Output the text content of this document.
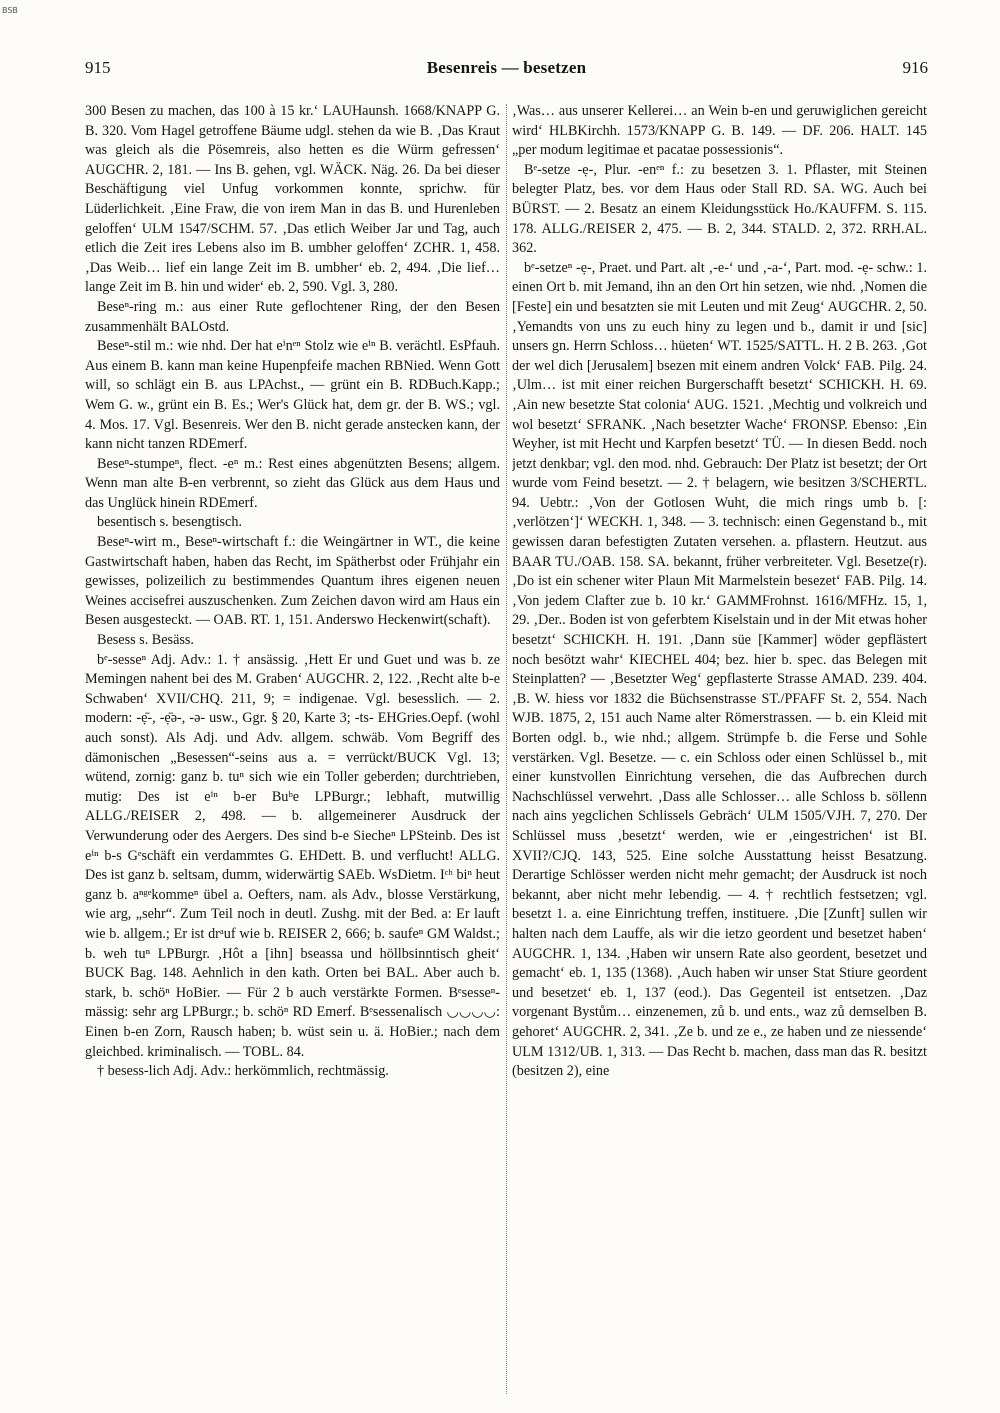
BSB
915	Besenreis — besetzen	916

300 Besen zu machen, das 100 à 15 kr.‘ LAUHaunsh. 1668/KNAPP G. B. 320. Vom Hagel getroffene Bäume udgl. stehen da wie B. ‚Das Kraut was gleich als die Pösemreis, also hetten es die Würm gefressen‘ AUGCHR. 2, 181. — Ins B. gehen, vgl. WÄCK. Näg. 26. Da bei dieser Beschäftigung viel Unfug vorkommen konnte, sprichw. für Lüderlichkeit. ‚Eine Fraw, die von irem Man in das B. und Hurenleben geloffen‘ ULM 1547/SCHM. 57. ‚Das etlich Weiber Jar und Tag, auch etlich die Zeit ires Lebens also im B. umbher geloffen‘ ZCHR. 1, 458. ‚Das Weib… lief ein lange Zeit im B. umbher‘ eb. 2, 494. ‚Die lief… lange Zeit im B. hin und wider‘ eb. 2, 590. Vgl. 3, 280.

Beseⁿ-ring m.: aus einer Rute geflochtener Ring, der den Besen zusammenhält BALOstd.

Beseⁿ-stil m.: wie nhd. Der hat eⁱnᵉⁿ Stolz wie eⁱⁿ B. verächtl. EsPfauh. Aus einem B. kann man keine Hupenpfeife machen RBNied. Wenn Gott will, so schlägt ein B. aus LPAchst., — grünt ein B. RDBuch.Kapp.; Wem G. w., grünt ein B. Es.; Wer's Glück hat, dem gr. der B. WS.; vgl. 4. Mos. 17. Vgl. Besenreis. Wer den B. nicht gerade anstecken kann, der kann nicht tanzen RDEmerf.

Beseⁿ-stumpeⁿ, flect. -eⁿ m.: Rest eines abgenützten Besens; allgem. Wenn man alte B-en verbrennt, so zieht das Glück aus dem Haus und das Unglück hinein RDEmerf.

besentisch s. besengtisch.

Beseⁿ-wirt m., Beseⁿ-wirtschaft f.: die Weingärtner in WT., die keine Gastwirtschaft haben, haben das Recht, im Spätherbst oder Frühjahr ein gewisses, polizeilich zu bestimmendes Quantum ihres eigenen neuen Weines accisefrei auszuschenken. Zum Zeichen davon wird am Haus ein Besen ausgesteckt. — OAB. RT. 1, 151. Anderswo Heckenwirt(schaft).

Besess s. Besäss.

bᵉ-sesseⁿ Adj. Adv.: 1. † ansässig. ‚Hett Er und Guet und was b. ze Memingen nahent bei des M. Graben‘ AUGCHR. 2, 122. ‚Recht alte b-e Schwaben‘ XVII/CHQ. 211, 9; = indigenae. Vgl. besesslich. — 2. modern: -ẹ̄-, -ẹ̄ə-, -ə- usw., Ggr. § 20, Karte 3; -ts- EHGries.Oepf. (wohl auch sonst). Als Adj. und Adv. allgem. schwäb. Vom Begriff des dämonischen „Besessen“-seins aus a. = verrückt/BUCK Vgl. 13; wütend, zornig: ganz b. tuⁿ sich wie ein Toller geberden; durchtrieben, mutig: Des ist eⁱⁿ b-er Buᵇe LPBurgr.; lebhaft, mutwillig ALLG./REISER 2, 498. — b. allgemeinerer Ausdruck der Verwunderung oder des Aergers. Des sind b-e Siecheⁿ LPSteinb. Des ist eⁱⁿ b-s Gᵉschäft ein verdammtes G. EHDett. B. und verflucht! ALLG. Des ist ganz b. seltsam, dumm, widerwärtig SAEb. WsDietm. Iᶜʰ biⁿ heut ganz b. aⁿᵍᵉkommeⁿ übel a. Oefters, nam. als Adv., blosse Verstärkung, wie arg, „sehr“. Zum Teil noch in deutl. Zushg. mit der Bed. a: Er lauft wie b. allgem.; Er ist drᵃuf wie b. REISER 2, 666; b. saufeⁿ GM Waldst.; b. weh tuⁿ LPBurgr. ‚Hôt a [ihn] bseassa und höllbsinntisch gheit‘ BUCK Bag. 148. Aehnlich in den kath. Orten bei BAL. Aber auch b. stark, b. schöⁿ HoBier. — Für 2 b auch verstärkte Formen. Bᵉsesseⁿ-mässig: sehr arg LPBurgr.; b. schöⁿ RD Emerf. Bᵉsessenalisch ◡◡◡◡: Einen b-en Zorn, Rausch haben; b. wüst sein u. ä. HoBier.; nach dem gleichbed. kriminalisch. — TOBL. 84.

† besess-lich Adj. Adv.: herkömmlich, rechtmässig.

‚Was… aus unserer Kellerei… an Wein b-en und geruwiglichen gereicht wird‘ HLBKirchh. 1573/KNAPP G. B. 149. — DF. 206. HALT. 145 „per modum legitimae et pacatae possessionis“.

Bᵉ-setze -ẹ-, Plur. -enᵉⁿ f.: zu besetzen 3. 1. Pflaster, mit Steinen belegter Platz, bes. vor dem Haus oder Stall RD. SA. WG. Auch bei BÜRST. — 2. Besatz an einem Kleidungsstück Ho./KAUFFM. S. 115. 178. ALLG./REISER 2, 475. — B. 2, 344. STALD. 2, 372. RRH.AL. 362.

bᵉ-setzeⁿ -ẹ-, Praet. und Part. alt ‚-e-‘ und ‚-a-‘, Part. mod. -ẹ- schw.: 1. einen Ort b. mit Jemand, ihn an den Ort hin setzen, wie nhd. ‚Nomen die [Feste] ein und besatzten sie mit Leuten und mit Zeug‘ AUGCHR. 2, 50. ‚Yemandts von uns zu euch hiny zu legen und b., damit ir und [sic] unsers gn. Herrn Schloss… hüeten‘ WT. 1525/SATTL. H. 2 B. 263. ‚Got der wel dich [Jerusalem] bsezen mit einem andren Volck‘ FAB. Pilg. 24. ‚Ulm… ist mit einer reichen Burgerschafft besetzt‘ SCHICKH. H. 69. ‚Ain new besetzte Stat colonia‘ AUG. 1521. ‚Mechtig und volkreich und wol besetzt‘ SFRANK. ‚Nach besetzter Wache‘ FRONSP. Ebenso: ‚Ein Weyher, ist mit Hecht und Karpfen besetzt‘ TÜ. — In diesen Bedd. noch jetzt denkbar; vgl. den mod. nhd. Gebrauch: Der Platz ist besetzt; der Ort wurde vom Feind besetzt. — 2. † belagern, wie besitzen 3/SCHERTL. 94. Uebtr.: ‚Von der Gotlosen Wuht, die mich rings umb b. [: ‚verlötzen‘]‘ WECKH. 1, 348. — 3. technisch: einen Gegenstand b., mit gewissen daran befestigten Zutaten versehen. a. pflastern. Heutzut. aus BAAR TU./OAB. 158. SA. bekannt, früher verbreiteter. Vgl. Besetze(r). ‚Do ist ein schener witer Plaun Mit Marmelstein besezet‘ FAB. Pilg. 14. ‚Von jedem Clafter zue b. 10 kr.‘ GAMMFrohnst. 1616/MFHz. 15, 1, 29. ‚Der.. Boden ist von geferbtem Kiselstain und in der Mit etwas hoher besetzt‘ SCHICKH. H. 191. ‚Dann süe [Kammer] wöder gepflästert noch besötzt wahr‘ KIECHEL 404; bez. hier b. spec. das Belegen mit Steinplatten? — ‚Besetzter Weg‘ gepflasterte Strasse AMAD. 239. 404. ‚B. W. hiess vor 1832 die Büchsenstrasse ST./PFAFF St. 2, 554. Nach WJB. 1875, 2, 151 auch Name alter Römerstrassen. — b. ein Kleid mit Borten odgl. b., wie nhd.; allgem. Strümpfe b. die Ferse und Sohle verstärken. Vgl. Besetze. — c. ein Schloss oder einen Schlüssel b., mit einer kunstvollen Einrichtung versehen, die das Aufbrechen durch Nachschlüssel verwehrt. ‚Dass alle Schlosser… alle Schloss b. söllenn nach ains yegclichen Schlissels Gebräch‘ ULM 1505/VJH. 7, 270. Der Schlüssel muss ‚besetzt‘ werden, wie er ‚eingestrichen‘ ist BI. XVII?/CJQ. 143, 525. Eine solche Ausstattung heisst Besatzung. Derartige Schlösser werden nicht mehr gemacht; der Ausdruck ist noch bekannt, aber nicht mehr lebendig. — 4. † rechtlich festsetzen; vgl. besetzt 1. a. eine Einrichtung treffen, instituere. ‚Die [Zunft] sullen wir halten nach dem Lauffe, als wir die ietzo geordent und besetzet haben‘ AUGCHR. 1, 134. ‚Haben wir unsern Rate also geordent, besetzet und gemacht‘ eb. 1, 135 (1368). ‚Auch haben wir unser Stat Stiure geordent und besetzet‘ eb. 1, 137 (eod.). Das Gegenteil ist entsetzen. ‚Daz vorgenant Bystům… einzenemen, zů b. und ents., waz zů demselben B. gehoret‘ AUGCHR. 2, 341. ‚Ze b. und ze e., ze haben und ze niessende‘ ULM 1312/UB. 1, 313. — Das Recht b. machen, dass man das R. besitzt (besitzen 2), eine
